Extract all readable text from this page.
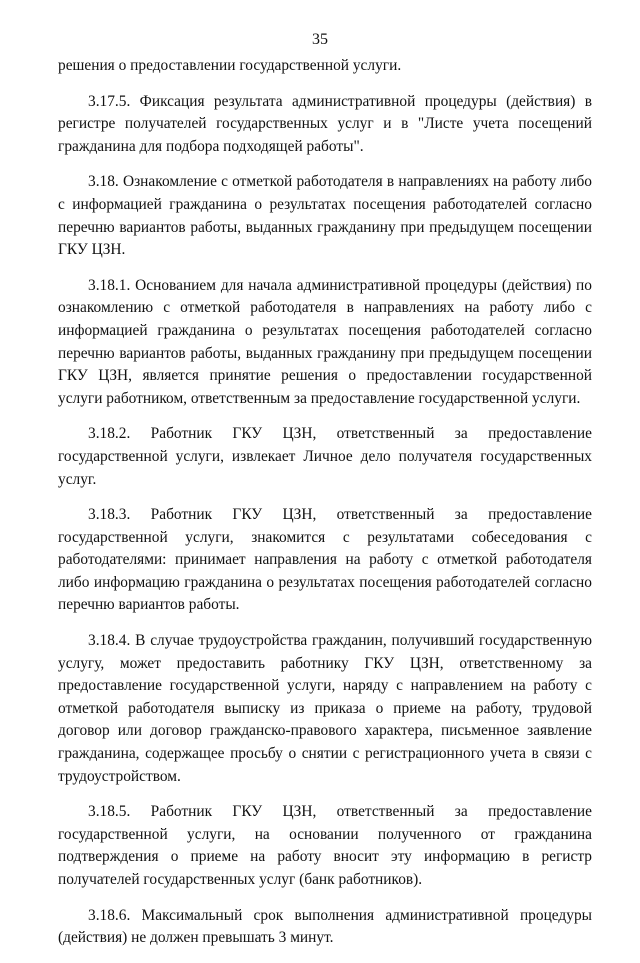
35

решения о предоставлении государственной услуги.

3.17.5. Фиксация результата административной процедуры (действия) в регистре получателей государственных услуг и в "Листе учета посещений гражданина для подбора подходящей работы".

3.18. Ознакомление с отметкой работодателя в направлениях на работу либо с информацией гражданина о результатах посещения работодателей согласно перечню вариантов работы, выданных гражданину при предыдущем посещении ГКУ ЦЗН.

3.18.1. Основанием для начала административной процедуры (действия) по ознакомлению с отметкой работодателя в направлениях на работу либо с информацией гражданина о результатах посещения работодателей согласно перечню вариантов работы, выданных гражданину при предыдущем посещении ГКУ ЦЗН, является принятие решения о предоставлении государственной услуги работником, ответственным за предоставление государственной услуги.

3.18.2. Работник ГКУ ЦЗН, ответственный за предоставление государственной услуги, извлекает Личное дело получателя государственных услуг.

3.18.3. Работник ГКУ ЦЗН, ответственный за предоставление государственной услуги, знакомится с результатами собеседования с работодателями: принимает направления на работу с отметкой работодателя либо информацию гражданина о результатах посещения работодателей согласно перечню вариантов работы.

3.18.4. В случае трудоустройства гражданин, получивший государственную услугу, может предоставить работнику ГКУ ЦЗН, ответственному за предоставление государственной услуги, наряду с направлением на работу с отметкой работодателя выписку из приказа о приеме на работу, трудовой договор или договор гражданско-правового характера, письменное заявление гражданина, содержащее просьбу о снятии с регистрационного учета в связи с трудоустройством.

3.18.5. Работник ГКУ ЦЗН, ответственный за предоставление государственной услуги, на основании полученного от гражданина подтверждения о приеме на работу вносит эту информацию в регистр получателей государственных услуг (банк работников).

3.18.6. Максимальный срок выполнения административной процедуры (действия) не должен превышать 3 минут.
